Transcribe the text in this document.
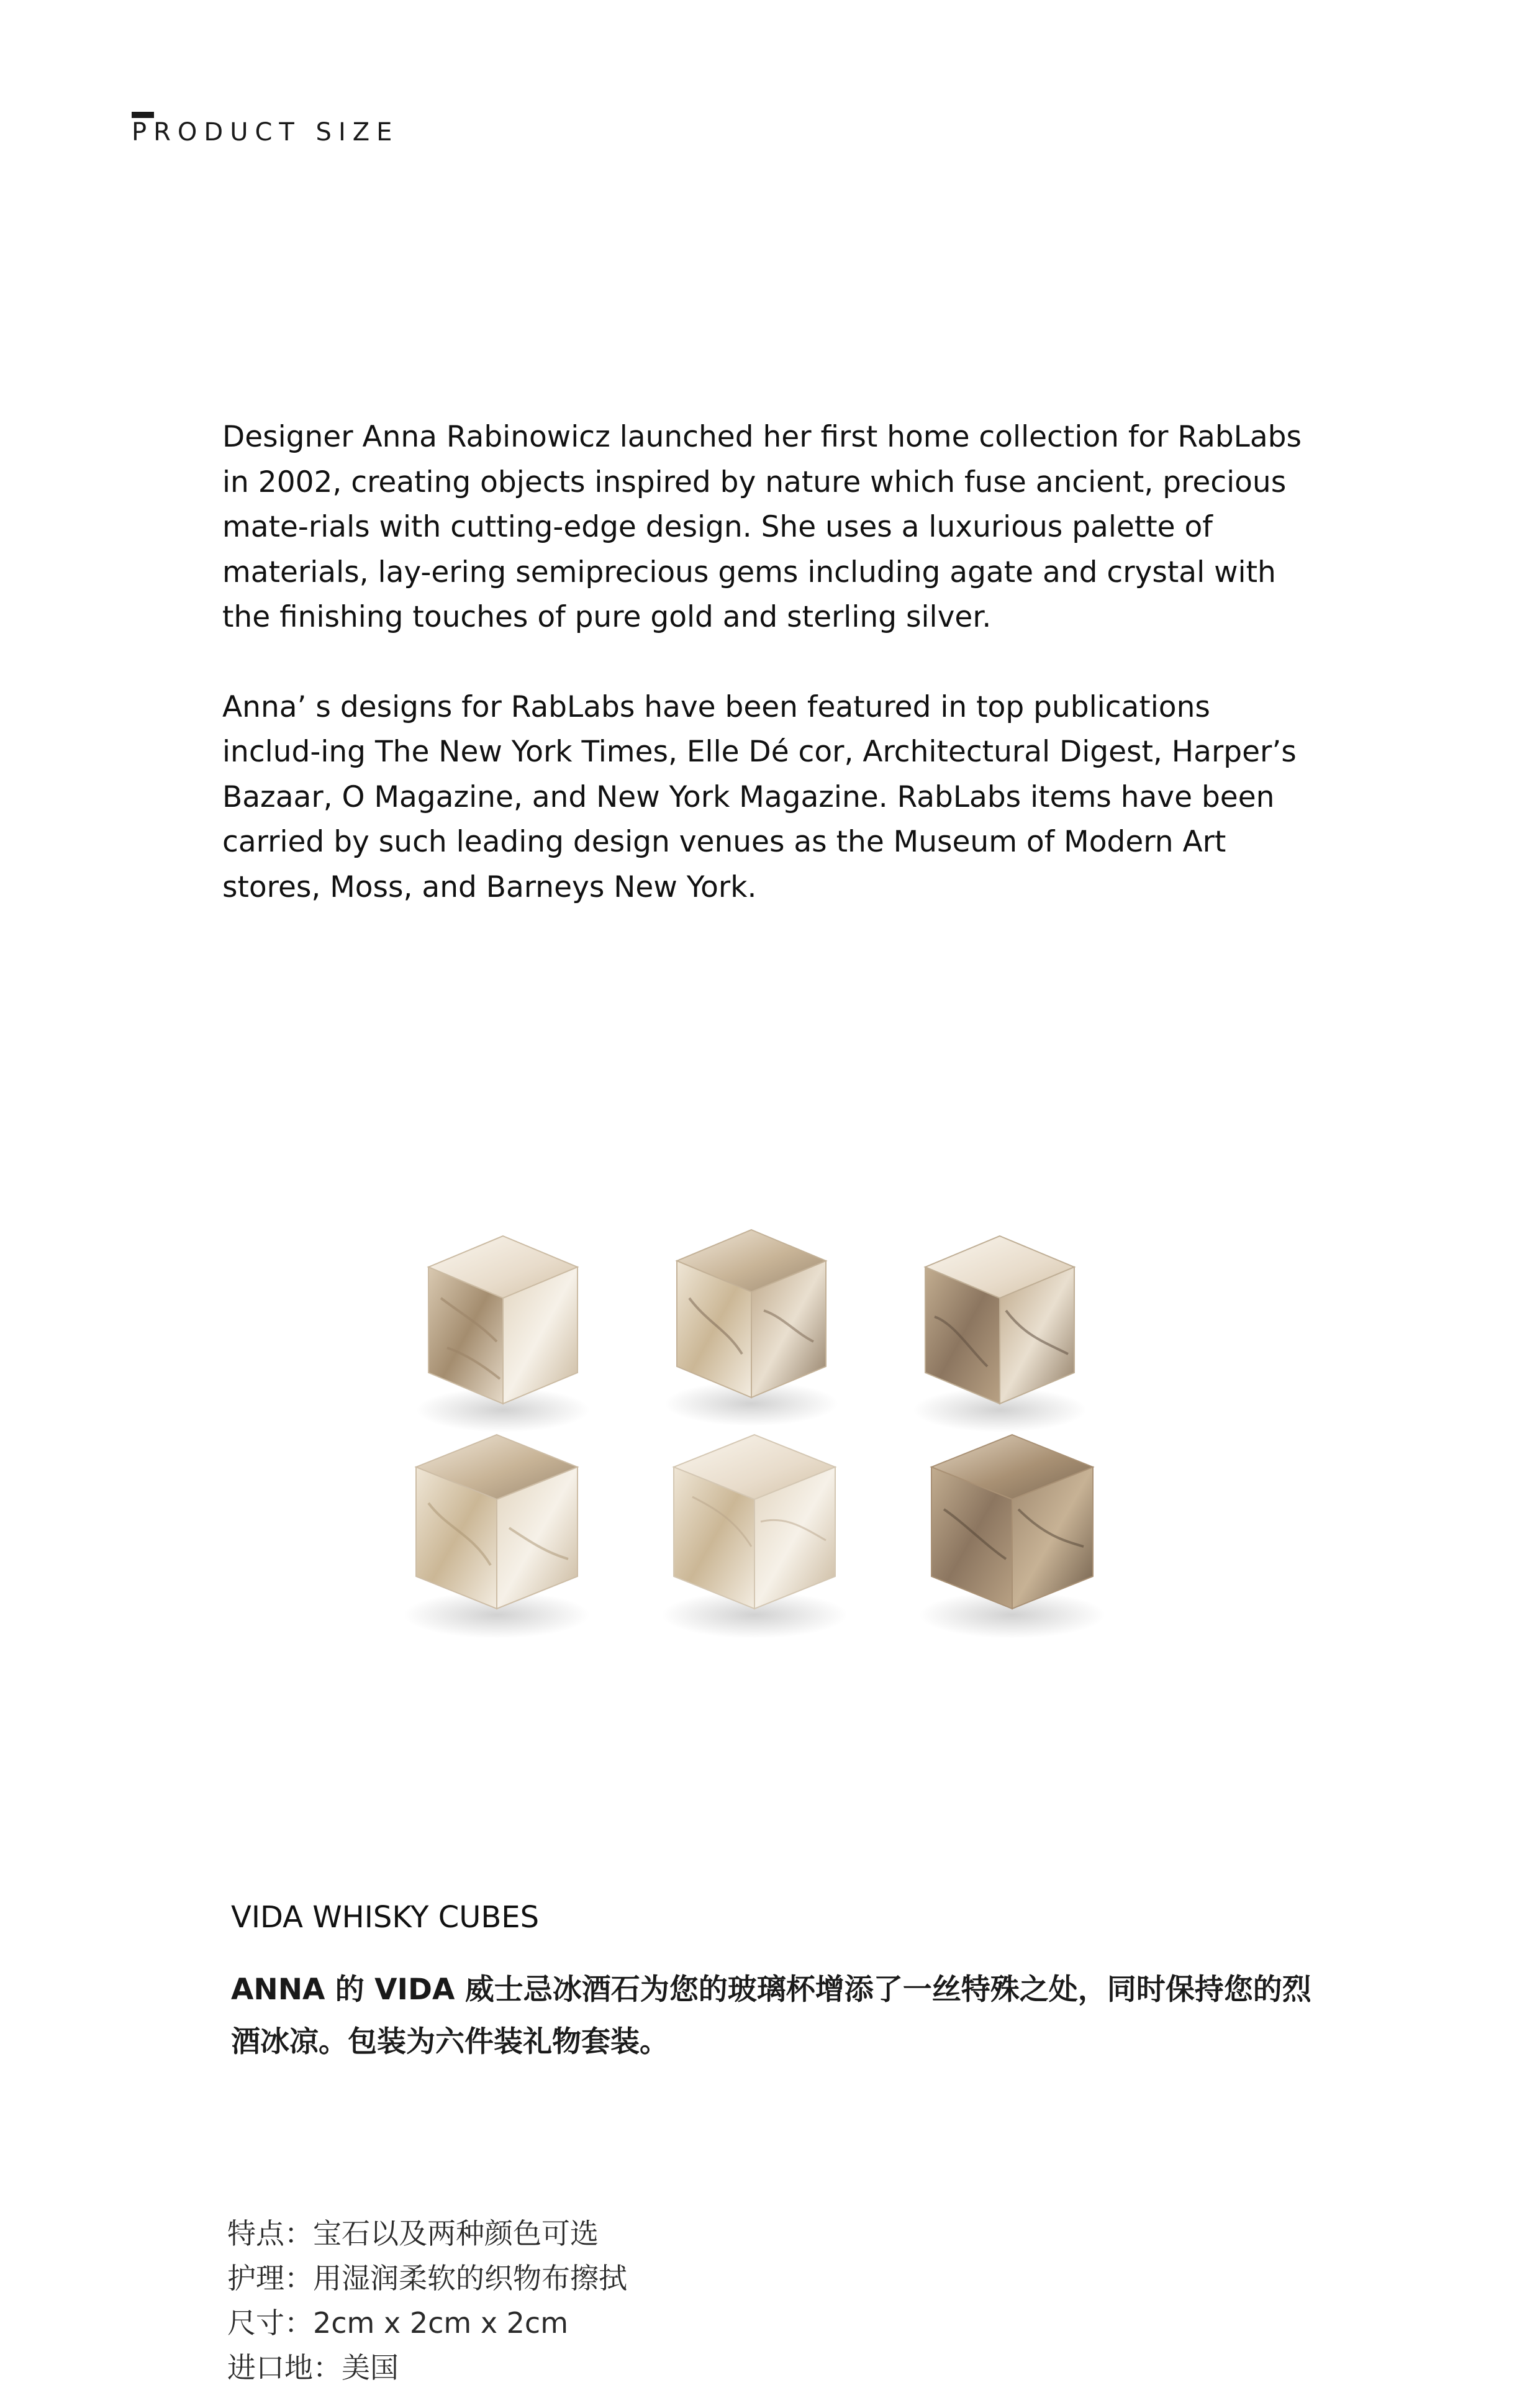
PRODUCT SIZE

Designer Anna Rabinowicz launched her first home collection for RabLabs in 2002, creating objects inspired by nature which fuse ancient, precious mate-rials with cutting-edge design. She uses a luxurious palette of materials, lay-ering semiprecious gems including agate and crystal with the finishing touches of pure gold and sterling silver.

Anna’ s designs for RabLabs have been featured in top publications includ-ing The New York Times, Elle Dé cor, Architectural Digest, Harper’s Bazaar, O Magazine, and New York Magazine. RabLabs items have been carried by such leading design venues as the Museum of Modern Art stores, Moss, and Barneys New York.

VIDA WHISKY CUBES
ANNA 的 VIDA 威士忌冰酒石为您的玻璃杯增添了一丝特殊之处，同时保持您的烈酒冰凉。包装为六件装礼物套装。
特点：宝石以及两种颜色可选
护理：用湿润柔软的织物布擦拭
尺寸：2cm x 2cm x 2cm
进口地：美国
